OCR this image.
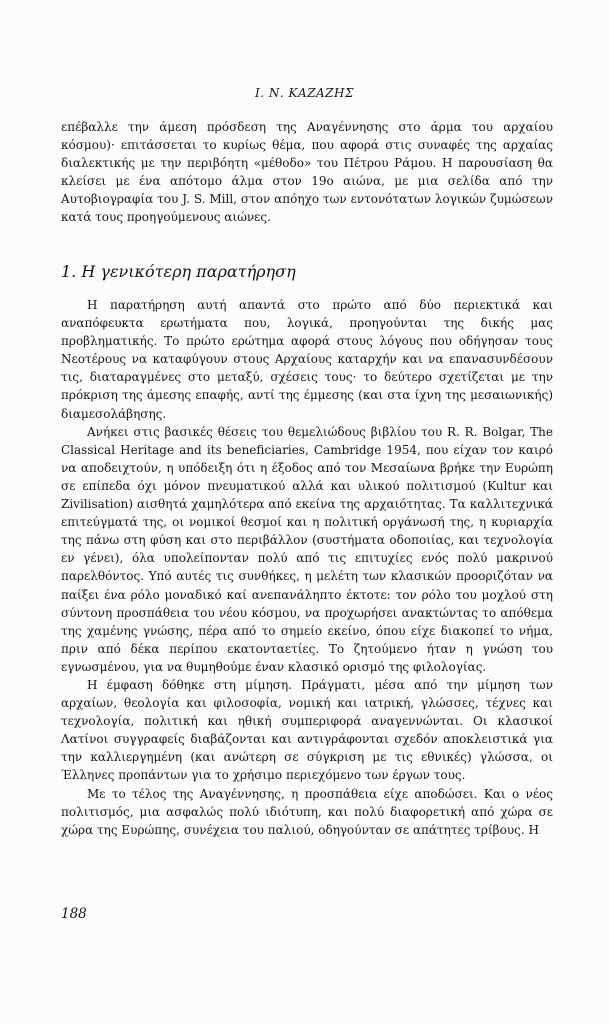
Ι. Ν. ΚΑΖΑΖΗΣ

επέβαλλε την άμεση πρόσδεση της Αναγέννησης στο άρμα του αρχαίου κόσμου)· επιτάσσεται το κυρίως θέμα, που αφορά στις συναφές της αρχαίας διαλεκτικής με την περιβόητη «μέθοδο» του Πέτρου Ράμου. Η παρουσίαση θα κλείσει με ένα απότομο άλμα στον 19ο αιώνα, με μια σελίδα από την Αυτοβιογραφία του J. S. Mill, στον απόηχο των εντονότατων λογικών ζυμώσεων κατά τους προηγούμενους αιώνες.

1. Η γενικότερη παρατήρηση

Η παρατήρηση αυτή απαντά στο πρώτο από δύο περιεκτικά και αναπόφευκτα ερωτήματα που, λογικά, προηγούνται της δικής μας προβληματικής. Το πρώτο ερώτημα αφορά στους λόγους που οδήγησαν τους Νεοτέρους να καταφύγουν στους Αρχαίους καταρχήν και να επανασυνδέσουν τις, διαταραγμένες στο μεταξύ, σχέσεις τους· το δεύτερο σχετίζεται με την πρόκριση της άμεσης επαφής, αντί της έμμεσης (και στα ίχνη της μεσαιωνικής) διαμεσολάβησης.

Ανήκει στις βασικές θέσεις του θεμελιώδους βιβλίου του R. R. Bolgar, The Classical Heritage and its beneficiaries, Cambridge 1954, που είχαν τον καιρό να αποδειχτούν, η υπόδειξη ότι η έξοδος από τον Μεσαίωνα βρήκε την Ευρώπη σε επίπεδα όχι μόνον πνευματικού αλλά και υλικού πολιτισμού (Kultur και Zivilisation) αισθητά χαμηλότερα από εκείνα της αρχαιότητας. Τα καλλιτεχνικά επιτεύγματά της, οι νομικοί θεσμοί και η πολιτική οργάνωσή της, η κυριαρχία της πάνω στη φύση και στο περιβάλλον (συστήματα οδοποιίας, και τεχνολογία εν γένει), όλα υπολείπονταν πολύ από τις επιτυχίες ενός πολύ μακρινού παρελθόντος. Υπό αυτές τις συνθήκες, η μελέτη των κλασικών προοριζόταν να παίξει ένα ρόλο μοναδικό καί ανεπανάληπτο έκτοτε: τον ρόλο του μοχλού στη σύντονη προσπάθεια του νέου κόσμου, να προχωρήσει ανακτώντας το απόθεμα της χαμένης γνώσης, πέρα από το σημείο εκείνο, όπου είχε διακοπεί το νήμα, πριν από δέκα περίπου εκατονταετίες. Το ζητούμενο ήταν η γνώση του εγνωσμένου, για να θυμηθούμε έναν κλασικό ορισμό της φιλολογίας.

Η έμφαση δόθηκε στη μίμηση. Πράγματι, μέσα από την μίμηση των αρχαίων, θεολογία και φιλοσοφία, νομική και ιατρική, γλώσσες, τέχνες και τεχνολογία, πολιτική και ηθική συμπεριφορά αναγεννώνται. Οι κλασικοί Λατίνοι συγγραφείς διαβάζονται και αντιγράφονται σχεδόν αποκλειστικά για την καλλιεργημένη (και ανώτερη σε σύγκριση με τις εθνικές) γλώσσα, οι Έλληνες προπάντων για το χρήσιμο περιεχόμενο των έργων τους.

Με το τέλος της Αναγέννησης, η προσπάθεια είχε αποδώσει. Και ο νέος πολιτισμός, μια ασφαλώς πολύ ιδιότυπη, και πολύ διαφορετική από χώρα σε χώρα της Ευρώπης, συνέχεια του παλιού, οδηγούνταν σε απάτητες τρίβους. Η

188
